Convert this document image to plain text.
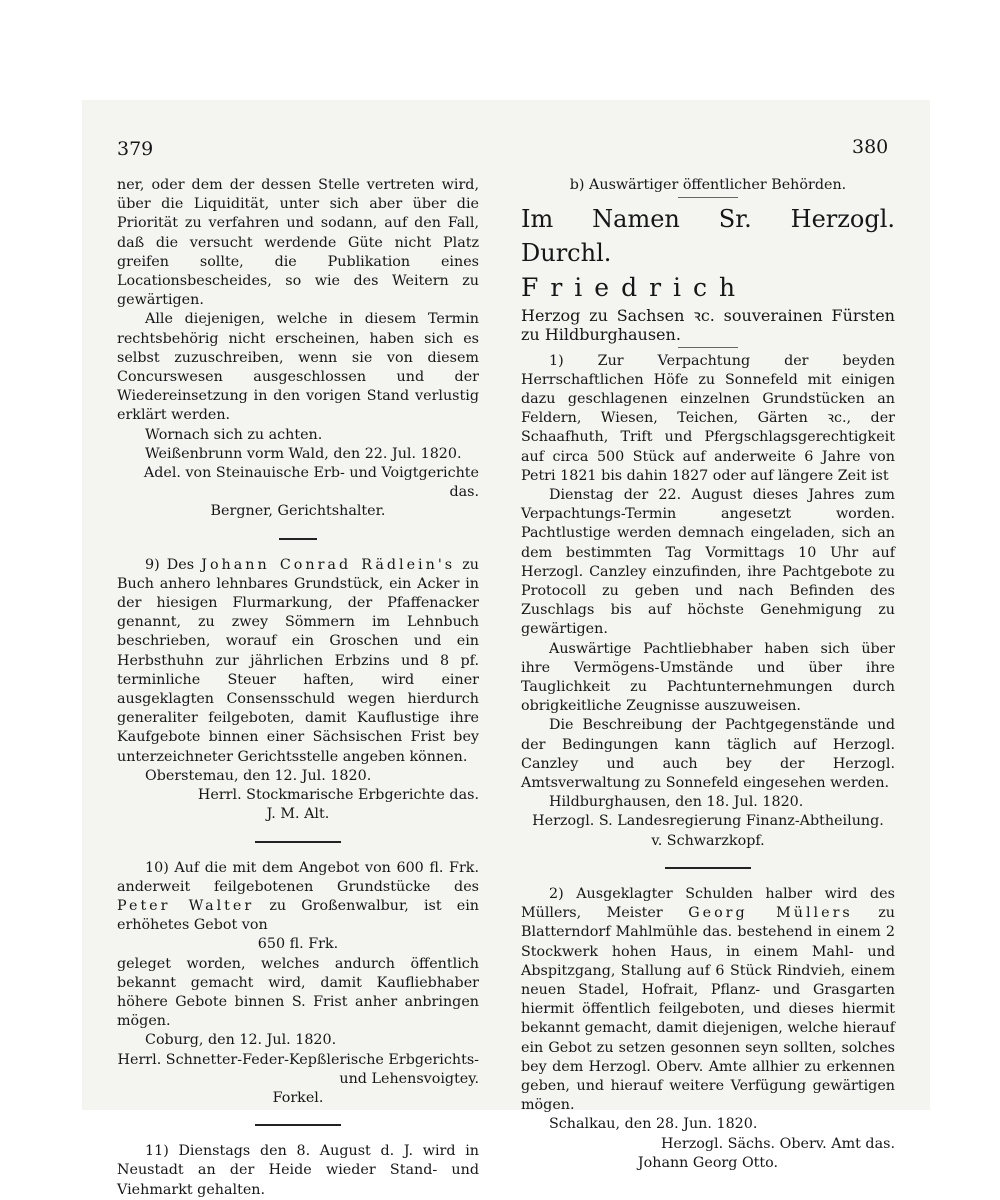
379	380

ner, oder dem der dessen Stelle vertreten wird, über die Liquidität, unter sich aber über die Priorität zu verfahren und sodann, auf den Fall, daß die versucht werdende Güte nicht Platz greifen sollte, die Publikation eines Locationsbescheides, so wie des Weitern zu gewärtigen.

Alle diejenigen, welche in diesem Termin rechtsbehörig nicht erscheinen, haben sich es selbst zuzuschreiben, wenn sie von diesem Concurswesen ausgeschlossen und der Wiedereinsetzung in den vorigen Stand verlustig erklärt werden.

Wornach sich zu achten.

Weißenbrunn vorm Wald, den 22. Jul. 1820.

Adel. von Steinauische Erb- und Voigtgerichte das.

Bergner, Gerichtshalter.

9) Des Johann Conrad Rädlein's zu Buch anhero lehnbares Grundstück, ein Acker in der hiesigen Flurmarkung, der Pfaffenacker genannt, zu zwey Sömmern im Lehnbuch beschrieben, worauf ein Groschen und ein Herbsthuhn zur jährlichen Erbzins und 8 pf. terminliche Steuer haften, wird einer ausgeklagten Consensschuld wegen hierdurch generaliter feilgeboten, damit Kauflustige ihre Kaufgebote binnen einer Sächsischen Frist bey unterzeichneter Gerichtsstelle angeben können.

Oberstemau, den 12. Jul. 1820.

Herrl. Stockmarische Erbgerichte das.

J. M. Alt.

10) Auf die mit dem Angebot von 600 fl. Frk. anderweit feilgebotenen Grundstücke des Peter Walter zu Großenwalbur, ist ein erhöhetes Gebot von

650 fl. Frk.

geleget worden, welches andurch öffentlich bekannt gemacht wird, damit Kaufliebhaber höhere Gebote binnen S. Frist anher anbringen mögen.

Coburg, den 12. Jul. 1820.

Herrl. Schnetter-Feder-Kepßlerische Erbgerichts- und Lehensvoigtey.

Forkel.

11) Dienstags den 8. August d. J. wird in Neustadt an der Heide wieder Stand- und Viehmarkt gehalten.

b) Auswärtiger öffentlicher Behörden.

Im Namen Sr. Herzogl. Durchl.

Friedrich

Herzog zu Sachsen ꝛc. souverainen Fürsten zu Hildburghausen.

1) Zur Verpachtung der beyden Herrschaftlichen Höfe zu Sonnefeld mit einigen dazu geschlagenen einzelnen Grundstücken an Feldern, Wiesen, Teichen, Gärten ꝛc., der Schaafhuth, Trift und Pfergschlagsgerechtigkeit auf circa 500 Stück auf anderweite 6 Jahre von Petri 1821 bis dahin 1827 oder auf längere Zeit ist

Dienstag der 22. August dieses Jahres zum Verpachtungs-Termin angesetzt worden. Pachtlustige werden demnach eingeladen, sich an dem bestimmten Tag Vormittags 10 Uhr auf Herzogl. Canzley einzufinden, ihre Pachtgebote zu Protocoll zu geben und nach Befinden des Zuschlags bis auf höchste Genehmigung zu gewärtigen.

Auswärtige Pachtliebhaber haben sich über ihre Vermögens-Umstände und über ihre Tauglichkeit zu Pachtunternehmungen durch obrigkeitliche Zeugnisse auszuweisen.

Die Beschreibung der Pachtgegenstände und der Bedingungen kann täglich auf Herzogl. Canzley und auch bey der Herzogl. Amtsverwaltung zu Sonnefeld eingesehen werden.

Hildburghausen, den 18. Jul. 1820.

Herzogl. S. Landesregierung Finanz-Abtheilung.

v. Schwarzkopf.

2) Ausgeklagter Schulden halber wird des Müllers, Meister Georg Müllers zu Blatterndorf Mahlmühle das. bestehend in einem 2 Stockwerk hohen Haus, in einem Mahl- und Abspitzgang, Stallung auf 6 Stück Rindvieh, einem neuen Stadel, Hofrait, Pflanz- und Grasgarten hiermit öffentlich feilgeboten, und dieses hiermit bekannt gemacht, damit diejenigen, welche hierauf ein Gebot zu setzen gesonnen seyn sollten, solches bey dem Herzogl. Oberv. Amte allhier zu erkennen geben, und hierauf weitere Verfügung gewärtigen mögen.

Schalkau, den 28. Jun. 1820.

Herzogl. Sächs. Oberv. Amt das.

Johann Georg Otto.
